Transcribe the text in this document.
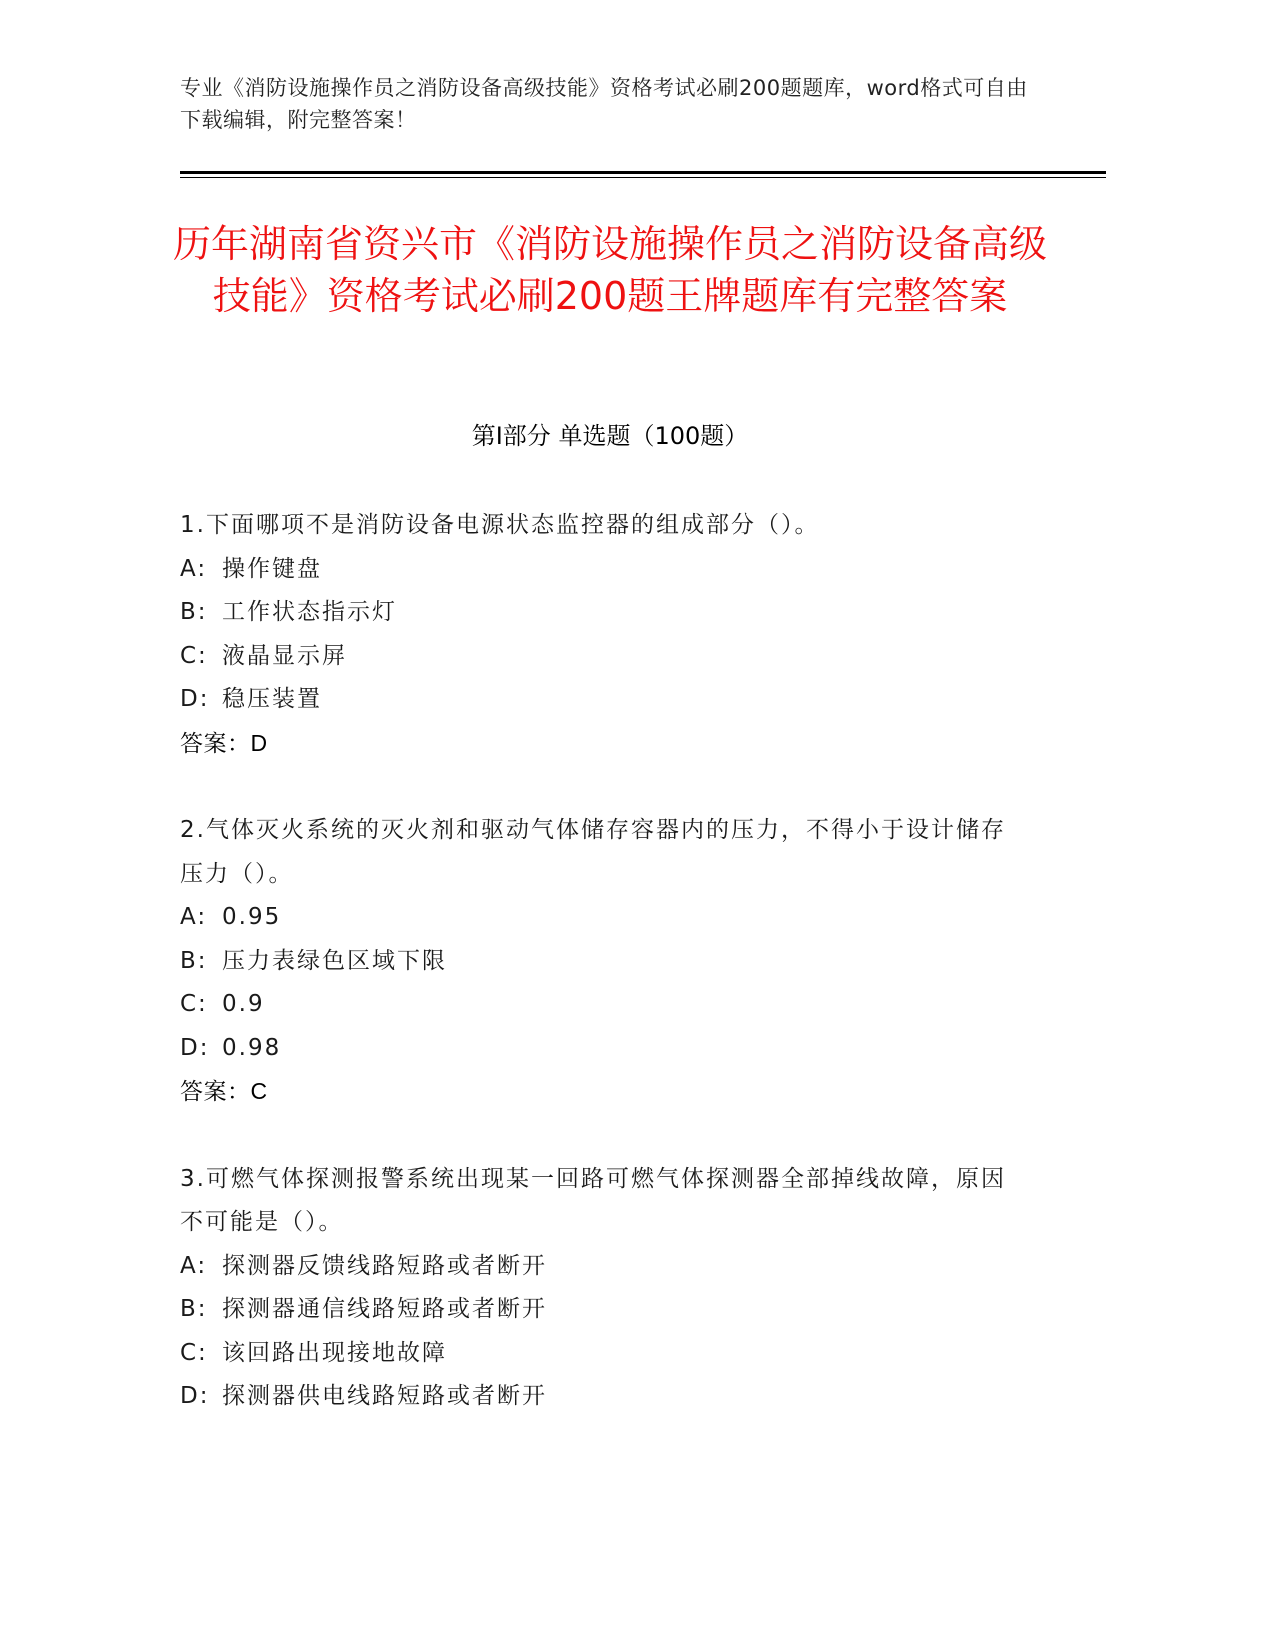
专业《消防设施操作员之消防设备高级技能》资格考试必刷200题题库，word格式可自由下载编辑，附完整答案！
历年湖南省资兴市《消防设施操作员之消防设备高级技能》资格考试必刷200题王牌题库有完整答案
第Ⅰ部分 单选题（100题）

1.下面哪项不是消防设备电源状态监控器的组成部分（）。

A: 操作键盘

B: 工作状态指示灯

C: 液晶显示屏

D: 稳压装置

答案：D

2.气体灭火系统的灭火剂和驱动气体储存容器内的压力，不得小于设计储存压力（）。

A: 0.95

B: 压力表绿色区域下限

C: 0.9

D: 0.98

答案：C

3.可燃气体探测报警系统出现某一回路可燃气体探测器全部掉线故障，原因不可能是（）。

A: 探测器反馈线路短路或者断开

B: 探测器通信线路短路或者断开

C: 该回路出现接地故障

D: 探测器供电线路短路或者断开
